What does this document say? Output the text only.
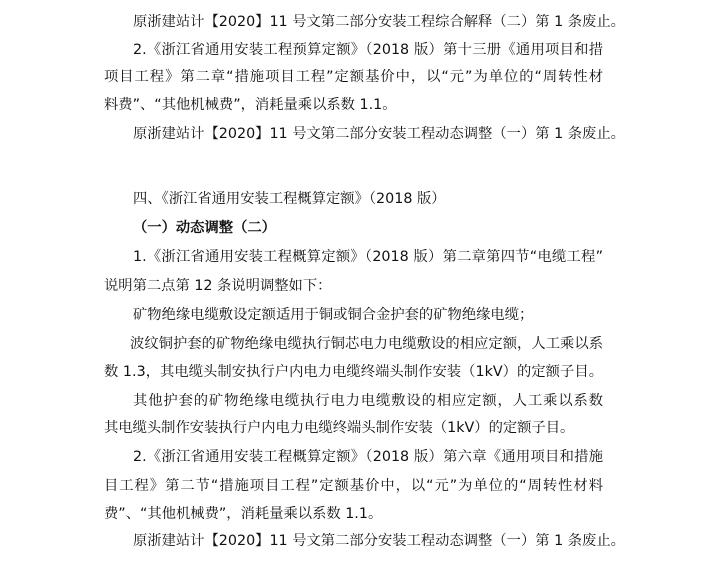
原浙建站计【2020】11 号文第二部分安装工程综合解释（二）第 1 条废止。
2.《浙江省通用安装工程预算定额》（2018 版）第十三册《通用项目和措
项目工程》第二章“措施项目工程”定额基价中，以“元”为单位的“周转性材
料费”、“其他机械费”，消耗量乘以系数 1.1。
原浙建站计【2020】11 号文第二部分安装工程动态调整（一）第 1 条废止。
四、《浙江省通用安装工程概算定额》（2018 版）
（一）动态调整（二）
1.《浙江省通用安装工程概算定额》（2018 版）第二章第四节“电缆工程”
说明第二点第 12 条说明调整如下：
矿物绝缘电缆敷设定额适用于铜或铜合金护套的矿物绝缘电缆；
波纹铜护套的矿物绝缘电缆执行铜芯电力电缆敷设的相应定额，人工乘以系
数 1.3，其电缆头制安执行户内电力电缆终端头制作安装（1kV）的定额子目。
其他护套的矿物绝缘电缆执行电力电缆敷设的相应定额，人工乘以系数
其电缆头制作安装执行户内电力电缆终端头制作安装（1kV）的定额子目。
2.《浙江省通用安装工程概算定额》（2018 版）第六章《通用项目和措施
目工程》第二节“措施项目工程”定额基价中，以“元”为单位的“周转性材料
费”、“其他机械费”，消耗量乘以系数 1.1。
原浙建站计【2020】11 号文第二部分安装工程动态调整（一）第 1 条废止。
